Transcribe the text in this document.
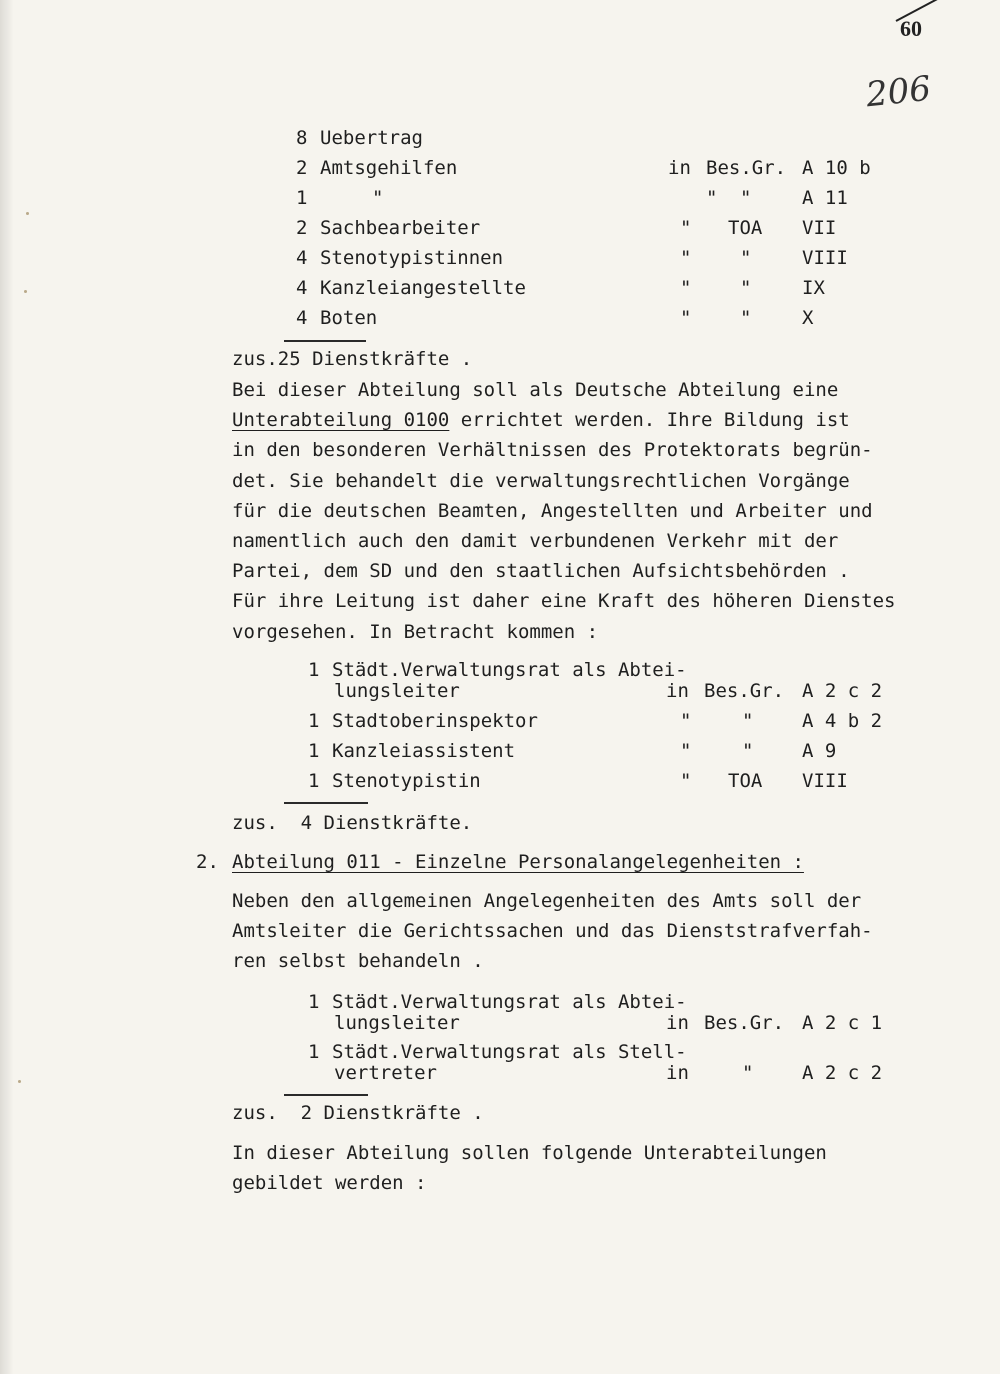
60
206
8 Uebertrag
2 Amtsgehilfen	in Bes.Gr. A 10 b
1	"	" "	A 11
2 Sachbearbeiter	" TOA VII
4 Stenotypistinnen	"	"	VIII
4 Kanzleiangestellte	"	"	IX
4 Boten	"	"	X
zus.25 Dienstkräfte .

Bei dieser Abteilung soll als Deutsche Abteilung eine

Unterabteilung 0100 errichtet werden. Ihre Bildung ist

in den besonderen Verhältnissen des Protektorats begrün-

det. Sie behandelt die verwaltungsrechtlichen Vorgänge

für die deutschen Beamten, Angestellten und Arbeiter und

namentlich auch den damit verbundenen Verkehr mit der

Partei, dem SD und den staatlichen Aufsichtsbehörden .

Für ihre Leitung ist daher eine Kraft des höheren Dienstes

vorgesehen. In Betracht kommen :

1 Städt.Verwaltungsrat als Abtei-
lungsleiter	in Bes.Gr. A 2 c 2
1 Stadtoberinspektor	"	"	A 4 b 2
1 Kanzleiassistent	"	"	A 9
1 Stenotypistin	" TOA VIII
zus.  4 Dienstkräfte.
2. Abteilung 011 - Einzelne Personalangelegenheiten :

Neben den allgemeinen Angelegenheiten des Amts soll der

Amtsleiter die Gerichtssachen und das Dienststrafverfah-

ren selbst behandeln .

1 Städt.Verwaltungsrat als Abtei-
lungsleiter	in Bes.Gr. A 2 c 1
1 Städt.Verwaltungsrat als Stell-
vertreter	in	"	A 2 c 2
zus.  2 Dienstkräfte .

In dieser Abteilung sollen folgende Unterabteilungen

gebildet werden :
